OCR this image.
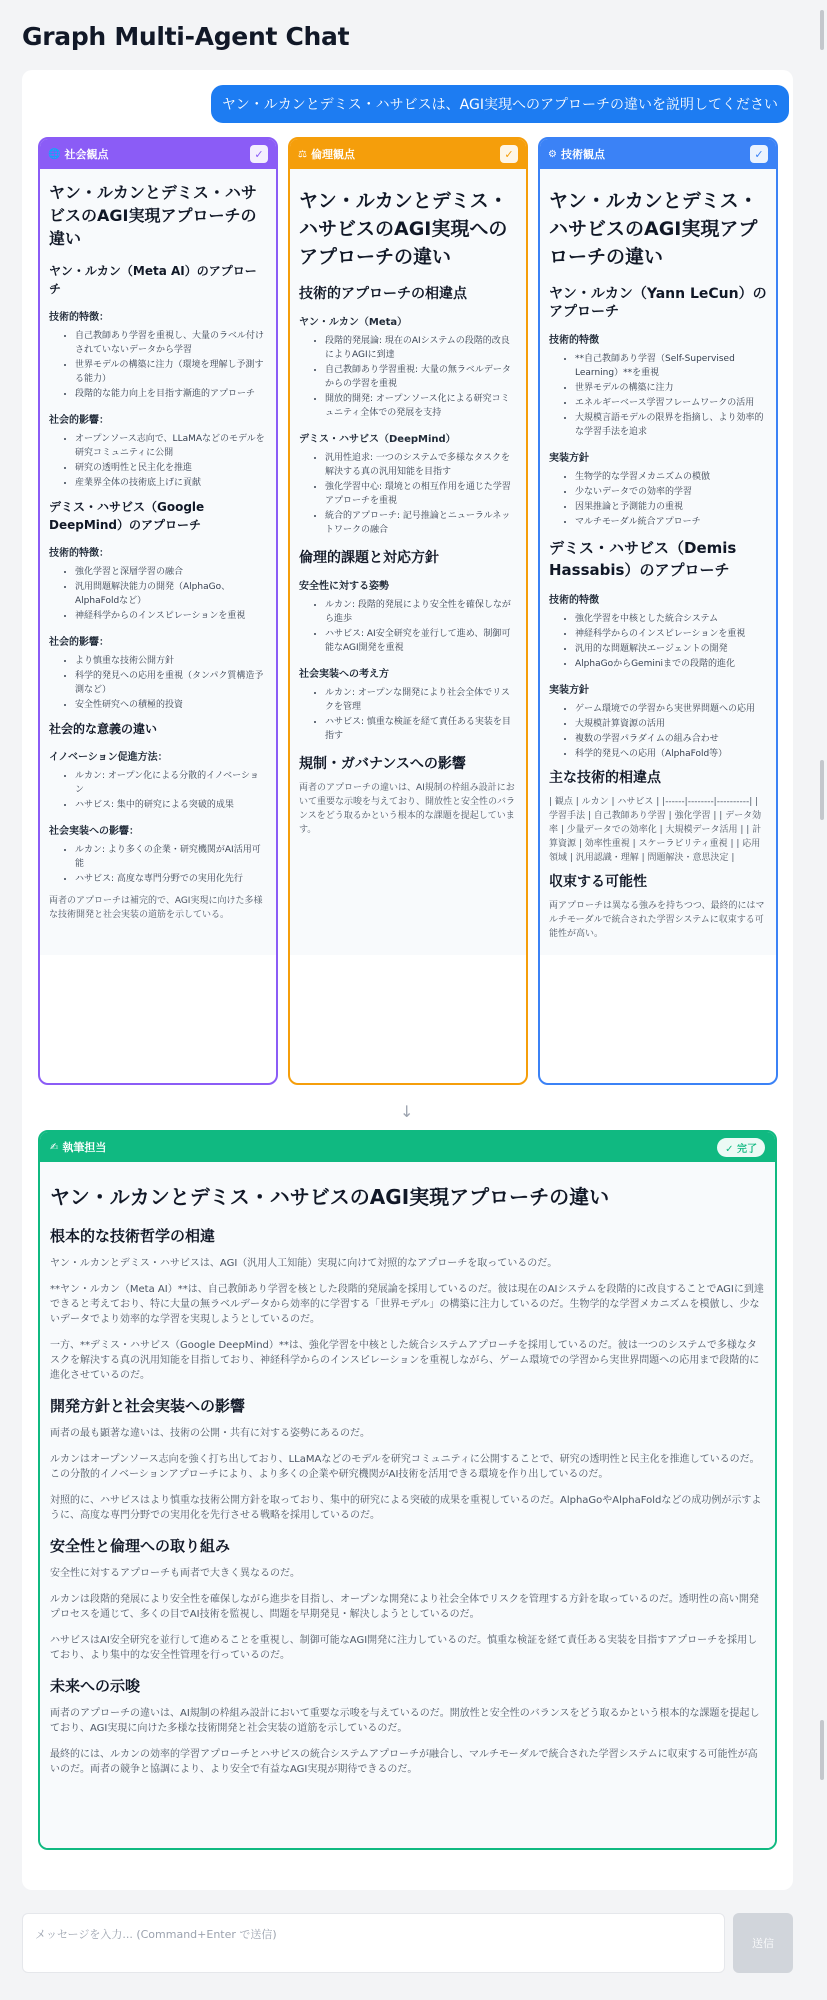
Graph Multi-Agent Chat
ヤン・ルカンとデミス・ハサビスは、AGI実現へのアプローチの違いを説明してください
🌐 社会観点	✓
ヤン・ルカンとデミス・ハサビスのAGI実現アプローチの違い
ヤン・ルカン（Meta AI）のアプローチ
技術的特徴：
• 自己教師あり学習を重視し、大量のラベル付けされていないデータから学習
• 世界モデルの構築に注力（環境を理解し予測する能力）
• 段階的な能力向上を目指す漸進的アプローチ
社会的影響：
• オープンソース志向で、LLaMAなどのモデルを研究コミュニティに公開
• 研究の透明性と民主化を推進
• 産業界全体の技術底上げに貢献
デミス・ハサビス（Google DeepMind）のアプローチ
技術的特徴：
• 強化学習と深層学習の融合
• 汎用問題解決能力の開発（AlphaGo、AlphaFoldなど）
• 神経科学からのインスピレーションを重視
社会的影響：
• より慎重な技術公開方針
• 科学的発見への応用を重視（タンパク質構造予測など）
• 安全性研究への積極的投資
社会的な意義の違い
イノベーション促進方法：
• ルカン: オープン化による分散的イノベーション
• ハサビス: 集中的研究による突破的成果
社会実装への影響：
• ルカン: より多くの企業・研究機関がAI活用可能
• ハサビス: 高度な専門分野での実用化先行

両者のアプローチは補完的で、AGI実現に向けた多様な技術開発と社会実装の道筋を示している。

⚖ 倫理観点	✓
ヤン・ルカンとデミス・ハサビスのAGI実現へのアプローチの違い
技術的アプローチの相違点
ヤン・ルカン（Meta）
• 段階的発展論: 現在のAIシステムの段階的改良によりAGIに到達
• 自己教師あり学習重視: 大量の無ラベルデータからの学習を重視
• 開放的開発: オープンソース化による研究コミュニティ全体での発展を支持
デミス・ハサビス（DeepMind）
• 汎用性追求: 一つのシステムで多様なタスクを解決する真の汎用知能を目指す
• 強化学習中心: 環境との相互作用を通じた学習アプローチを重視
• 統合的アプローチ: 記号推論とニューラルネットワークの融合
倫理的課題と対応方針
安全性に対する姿勢
• ルカン: 段階的発展により安全性を確保しながら進歩
• ハサビス: AI安全研究を並行して進め、制御可能なAGI開発を重視
社会実装への考え方
• ルカン: オープンな開発により社会全体でリスクを管理
• ハサビス: 慎重な検証を経て責任ある実装を目指す
規制・ガバナンスへの影響

両者のアプローチの違いは、AI規制の枠組み設計において重要な示唆を与えており、開放性と安全性のバランスをどう取るかという根本的な課題を提起しています。

⚙ 技術観点	✓
ヤン・ルカンとデミス・ハサビスのAGI実現アプローチの違い
ヤン・ルカン（Yann LeCun）のアプローチ
技術的特徴
• **自己教師あり学習（Self-Supervised Learning）**を重視
• 世界モデルの構築に注力
• エネルギーベース学習フレームワークの活用
• 大規模言語モデルの限界を指摘し、より効率的な学習手法を追求
実装方針
• 生物学的な学習メカニズムの模倣
• 少ないデータでの効率的学習
• 因果推論と予測能力の重視
• マルチモーダル統合アプローチ
デミス・ハサビス（Demis Hassabis）のアプローチ
技術的特徴
• 強化学習を中核とした統合システム
• 神経科学からのインスピレーションを重視
• 汎用的な問題解決エージェントの開発
• AlphaGoからGeminiまでの段階的進化
実装方針
• ゲーム環境での学習から実世界問題への応用
• 大規模計算資源の活用
• 複数の学習パラダイムの組み合わせ
• 科学的発見への応用（AlphaFold等）
主な技術的相違点

| 観点 | ルカン | ハサビス | |------|--------|----------| | 学習手法 | 自己教師あり学習 | 強化学習 | | データ効率 | 少量データでの効率化 | 大規模データ活用 | | 計算資源 | 効率性重視 | スケーラビリティ重視 | | 応用領域 | 汎用認識・理解 | 問題解決・意思決定 |

収束する可能性

両アプローチは異なる強みを持ちつつ、最終的にはマルチモーダルで統合された学習システムに収束する可能性が高い。

↓
✍ 執筆担当	✓ 完了
ヤン・ルカンとデミス・ハサビスのAGI実現アプローチの違い
根本的な技術哲学の相違

ヤン・ルカンとデミス・ハサビスは、AGI（汎用人工知能）実現に向けて対照的なアプローチを取っているのだ。

**ヤン・ルカン（Meta AI）**は、自己教師あり学習を核とした段階的発展論を採用しているのだ。彼は現在のAIシステムを段階的に改良することでAGIに到達できると考えており、特に大量の無ラベルデータから効率的に学習する「世界モデル」の構築に注力しているのだ。生物学的な学習メカニズムを模倣し、少ないデータでより効率的な学習を実現しようとしているのだ。

一方、**デミス・ハサビス（Google DeepMind）**は、強化学習を中核とした統合システムアプローチを採用しているのだ。彼は一つのシステムで多様なタスクを解決する真の汎用知能を目指しており、神経科学からのインスピレーションを重視しながら、ゲーム環境での学習から実世界問題への応用まで段階的に進化させているのだ。

開発方針と社会実装への影響

両者の最も顕著な違いは、技術の公開・共有に対する姿勢にあるのだ。

ルカンはオープンソース志向を強く打ち出しており、LLaMAなどのモデルを研究コミュニティに公開することで、研究の透明性と民主化を推進しているのだ。この分散的イノベーションアプローチにより、より多くの企業や研究機関がAI技術を活用できる環境を作り出しているのだ。

対照的に、ハサビスはより慎重な技術公開方針を取っており、集中的研究による突破的成果を重視しているのだ。AlphaGoやAlphaFoldなどの成功例が示すように、高度な専門分野での実用化を先行させる戦略を採用しているのだ。

安全性と倫理への取り組み

安全性に対するアプローチも両者で大きく異なるのだ。

ルカンは段階的発展により安全性を確保しながら進歩を目指し、オープンな開発により社会全体でリスクを管理する方針を取っているのだ。透明性の高い開発プロセスを通じて、多くの目でAI技術を監視し、問題を早期発見・解決しようとしているのだ。

ハサビスはAI安全研究を並行して進めることを重視し、制御可能なAGI開発に注力しているのだ。慎重な検証を経て責任ある実装を目指すアプローチを採用しており、より集中的な安全性管理を行っているのだ。

未来への示唆

両者のアプローチの違いは、AI規制の枠組み設計において重要な示唆を与えているのだ。開放性と安全性のバランスをどう取るかという根本的な課題を提起しており、AGI実現に向けた多様な技術開発と社会実装の道筋を示しているのだ。

最終的には、ルカンの効率的学習アプローチとハサビスの統合システムアプローチが融合し、マルチモーダルで統合された学習システムに収束する可能性が高いのだ。両者の競争と協調により、より安全で有益なAGI実現が期待できるのだ。

メッセージを入力... (Command+Enter で送信)
送信
